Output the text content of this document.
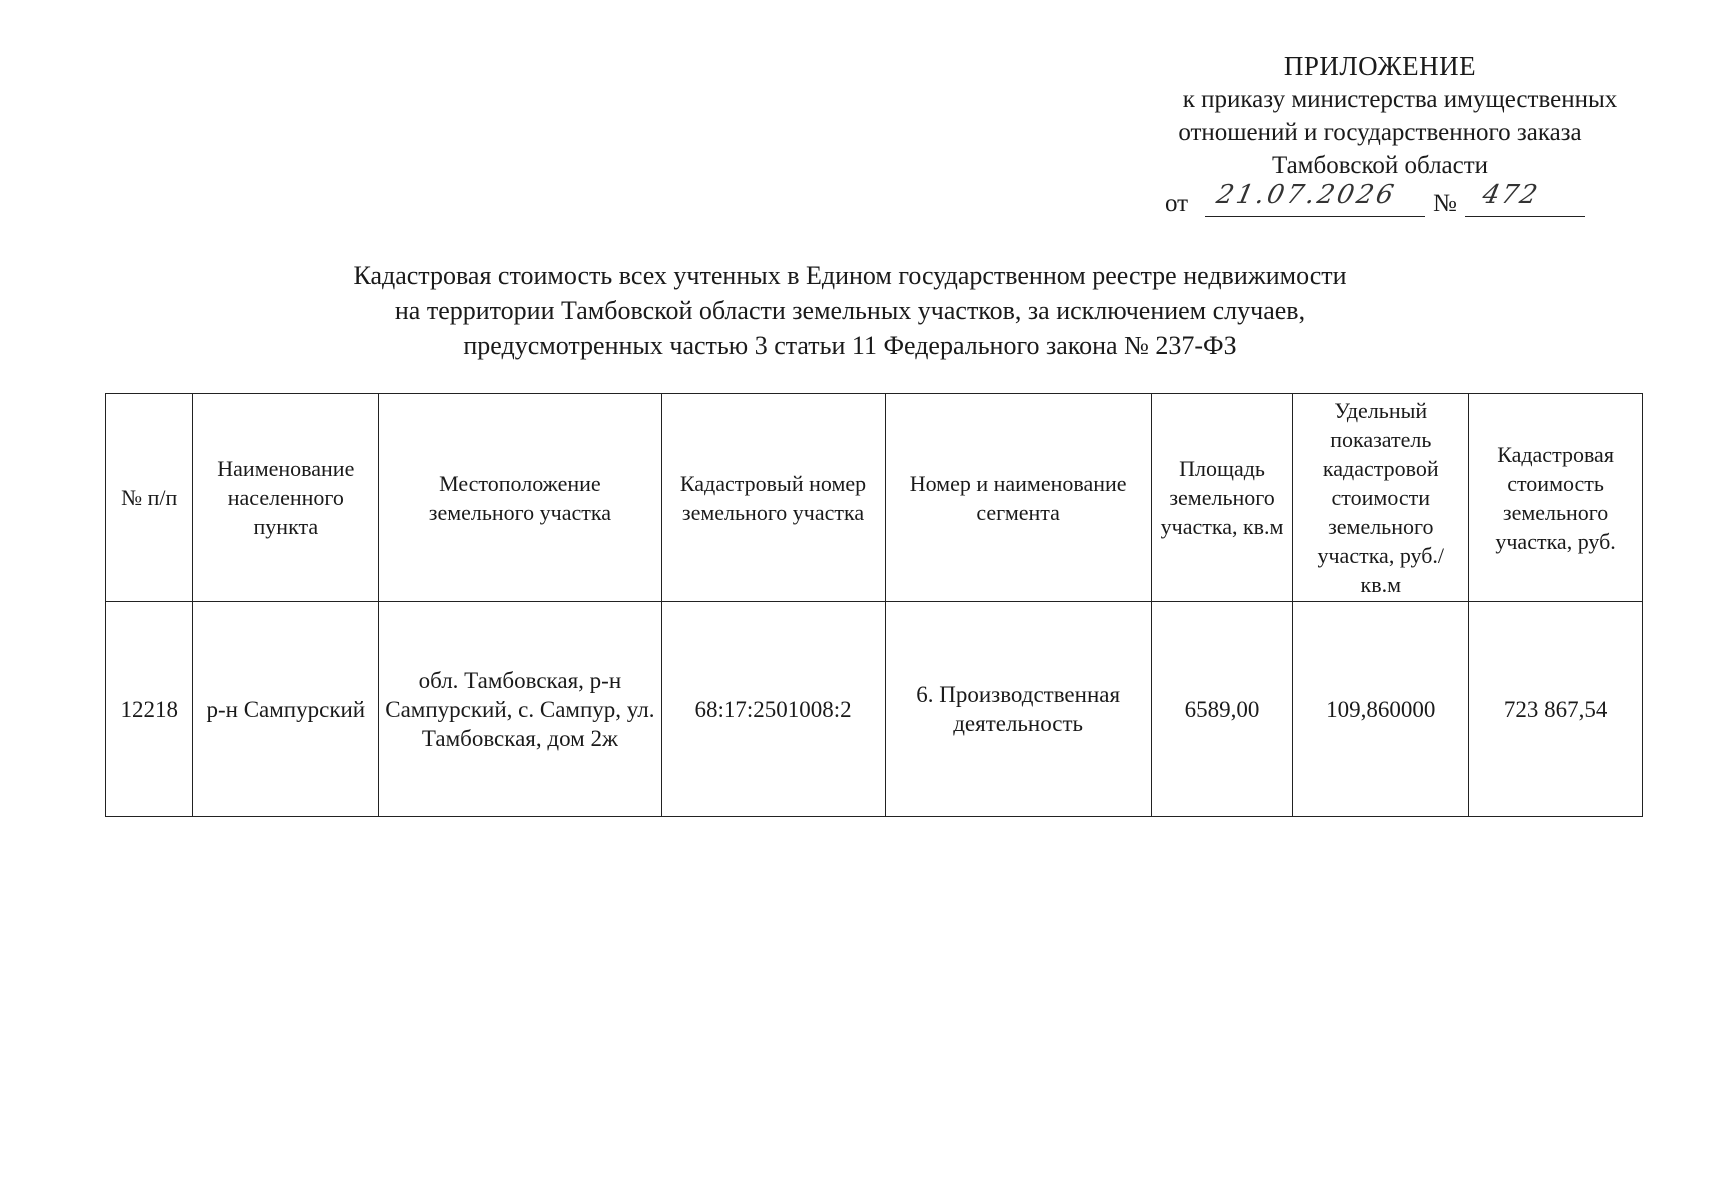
ПРИЛОЖЕНИЕ
к приказу министерства имущественных
отношений и государственного заказа
Тамбовской области
от 21.07.2026 № 472
Кадастровая стоимость всех учтенных в Едином государственном реестре недвижимости
на территории Тамбовской области земельных участков, за исключением случаев,
предусмотренных частью 3 статьи 11 Федерального закона № 237-ФЗ
№ п/п	Наименование населенного пункта	Местоположение земельного участка	Кадастровый номер земельного участка	Номер и наименование сегмента	Площадь земельного участка, кв.м	Удельный показатель кадастровой стоимости земельного участка, руб./кв.м	Кадастровая стоимость земельного участка, руб.
12218	р-н Сампурский	обл. Тамбовская, р-н Сампурский, с. Сампур, ул. Тамбовская, дом 2ж	68:17:2501008:2	6. Производственная деятельность	6589,00	109,860000	723 867,54
